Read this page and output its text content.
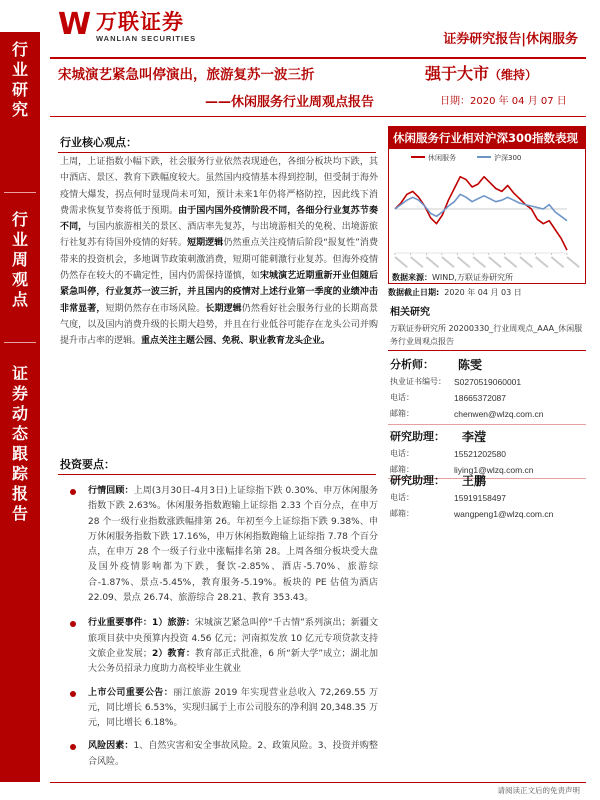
W 万联证券
WANLIAN SECURITIES	证券研究报告|休闲服务
行
业
研
究
行
业
周
观
点
证
券
动
态
跟
踪
报
告
宋城演艺紧急叫停演出，旅游复苏一波三折
——休闲服务行业周观点报告
强于大市（维持）
日期：2020 年 04 月 07 日
行业核心观点：
上周，上证指数小幅下跌，社会服务行业依然表现逊色，各细分板块均下跌，其中酒店、景区、教育下跌幅度较大。虽然国内疫情基本得到控制，但受制于海外疫情大爆发，拐点何时显现尚未可知，预计未来1年仍将严格防控，因此线下消费需求恢复节奏将低于预期。由于国内国外疫情阶段不同，各细分行业复苏节奏不同，与国内旅游相关的景区、酒店率先复苏，与出境游相关的免税、出境游旅行社复苏有待国外疫情的好转。短期逻辑仍然重点关注疫情后阶段“报复性”消费带来的投资机会，多地调节政策刺激消费，短期可能刺激行业复苏。但海外疫情仍然存在较大的不确定性，国内仍需保持谨慎，如宋城演艺近期重新开业但随后紧急叫停，行业复苏一波三折，并且国内的疫情对上述行业第一季度的业绩冲击非常显著，短期仍然存在市场风险。长期逻辑仍然看好社会服务行业的长期高景气度，以及国内消费升级的长期大趋势，并且在行业低谷可能存在龙头公司并购提升市占率的逻辑。重点关注主题公园、免税、职业教育龙头企业。
投资要点：
行情回顾：上周(3月30日-4月3日)上证综指下跌 0.30%、申万休闲服务指数下跌 2.63%。休闲服务指数跑输上证综指 2.33 个百分点，在申万 28 个一级行业指数涨跌幅排第 26。年初至今上证综指下跌 9.38%、申万休闲服务指数下跌 17.16%，申万休闲指数跑输上证综指 7.78 个百分点，在申万 28 个一级子行业中涨幅排名第 28。上周各细分板块受大盘及国外疫情影响都为下跌，餐饮-2.85%、酒店-5.70%、旅游综合-1.87%、景点-5.45%，教育服务-5.19%。板块的 PE 估值为酒店 22.09、景点 26.74、旅游综合 28.21、教育 353.43。
行业重要事件：1）旅游：宋城演艺紧急叫停“千古情”系列演出；新疆文旅项目获中央预算内投资 4.56 亿元；河南拟发放 10 亿元专项贷款支持文旅企业发展；2）教育：教育部正式批准，6 所“新大学”成立；湖北加大公务员招录力度助力高校毕业生就业
上市公司重要公告：丽江旅游 2019 年实现营业总收入 72,269.55 万元，同比增长 6.53%，实现归属于上市公司股东的净利润 20,348.35 万元，同比增长 6.18%。
风险因素：1、自然灾害和安全事故风险。2、政策风险。3、投资并购整合风险。
休闲服务行业相对沪深300指数表现
休闲服务	沪深300
数据来源：WIND,万联证券研究所
数据截止日期: 2020 年 04 月 03 日
相关研究
万联证券研究所 20200330_行业周观点_AAA_休闲服务行业周观点报告
分析师： 陈雯
执业证书编号： S0270519060001
电话：	18665372087
邮箱：	chenwen@wlzq.com.cn
研究助理： 李滢
电话：	15521202580
邮箱：	liying1@wlzq.com.cn
研究助理： 王鹏
电话：	15919158497
邮箱：	wangpeng1@wlzq.com.cn
请阅读正文后的免责声明
